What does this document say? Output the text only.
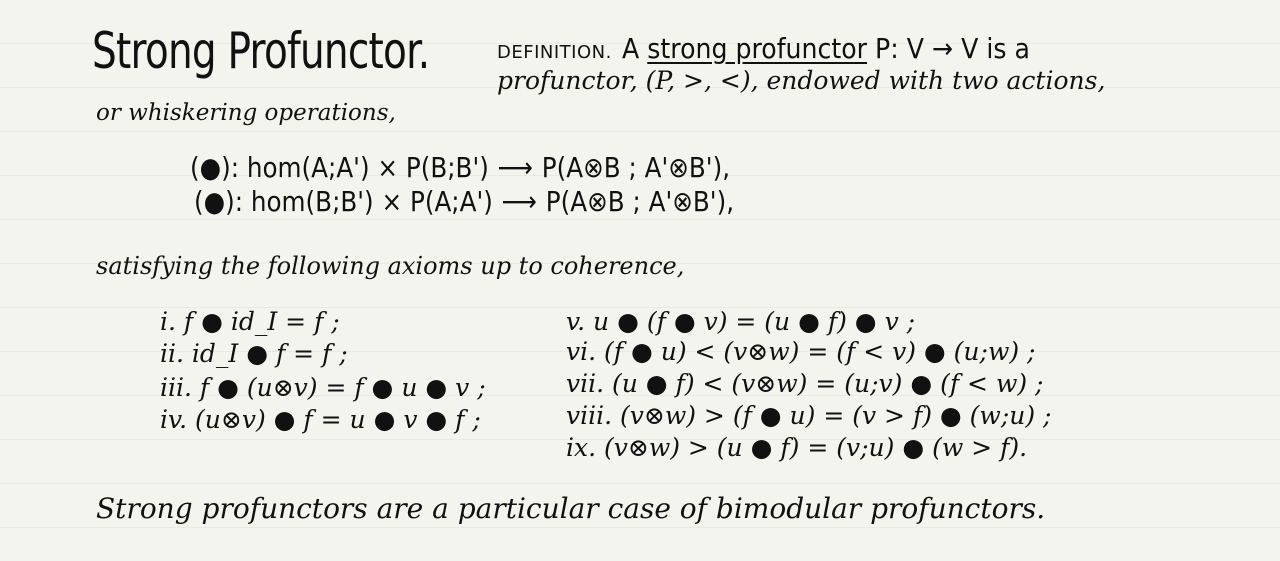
Strong Profunctor.
or whiskering operations,
DEFINITION. A strong profunctor P: V → V is a
profunctor, (P, >, <), endowed with two actions,
(●): hom(A;A') × P(B;B') ⟶ P(A⊗B ; A'⊗B'),
(●): hom(B;B') × P(A;A') ⟶ P(A⊗B ; A'⊗B'),
satisfying the following axioms up to coherence,
i. f ● id_I = f ;
ii. id_I ● f = f ;
iii. f ● (u⊗v) = f ● u ● v ;
iv. (u⊗v) ● f = u ● v ● f ;
v. u ● (f ● v) = (u ● f) ● v ;
vi. (f ● u) < (v⊗w) = (f < v) ● (u;w) ;
vii. (u ● f) < (v⊗w) = (u;v) ● (f < w) ;
viii. (v⊗w) > (f ● u) = (v > f) ● (w;u) ;
ix. (v⊗w) > (u ● f) = (v;u) ● (w > f).
Strong profunctors are a particular case of bimodular profunctors.
